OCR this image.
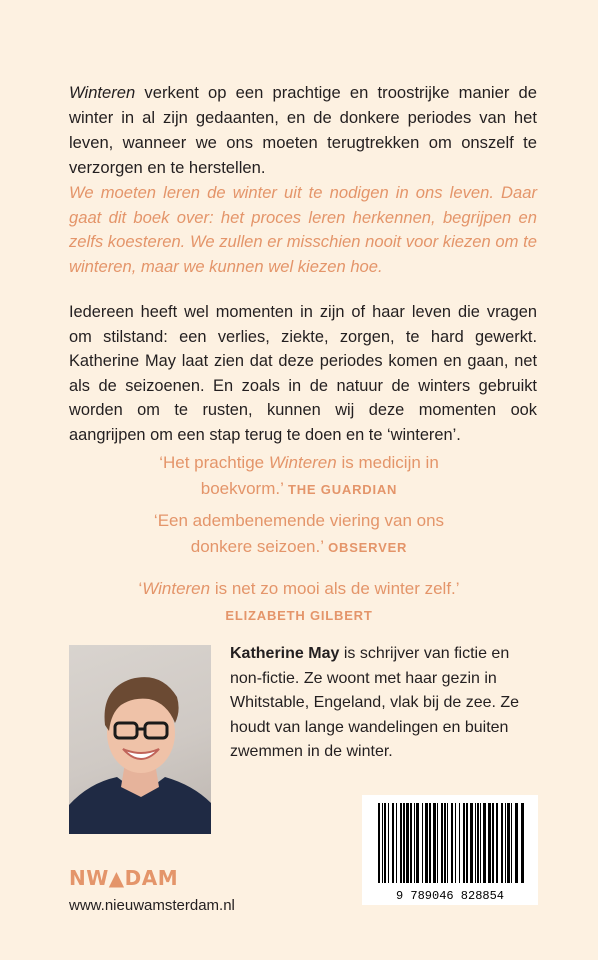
Winteren verkent op een prachtige en troostrijke manier de winter in al zijn gedaanten, en de donkere periodes van het leven, wanneer we ons moeten terugtrekken om onszelf te verzorgen en te herstellen.
We moeten leren de winter uit te nodigen in ons leven. Daar gaat dit boek over: het proces leren herkennen, begrijpen en zelfs koesteren. We zullen er misschien nooit voor kiezen om te winteren, maar we kunnen wel kiezen hoe.
Iedereen heeft wel momenten in zijn of haar leven die vragen om stilstand: een verlies, ziekte, zorgen, te hard gewerkt. Katherine May laat zien dat deze periodes komen en gaan, net als de seizoenen. En zoals in de natuur de winters gebruikt worden om te rusten, kunnen wij deze momenten ook aangrijpen om een stap terug te doen en te ‘winteren’.
‘Het prachtige Winteren is medicijn in
boekvorm.’ THE GUARDIAN
‘Een adembenemende viering van ons
donkere seizoen.’ OBSERVER
‘Winteren is net zo mooi als de winter zelf.’
ELIZABETH GILBERT
Katherine May is schrijver van fictie en non-fictie. Ze woont met haar gezin in Whitstable, Engeland, vlak bij de zee. Ze houdt van lange wandelingen en buiten zwemmen in de winter.
9 789046 828854
NW▲DAM
www.nieuwamsterdam.nl
